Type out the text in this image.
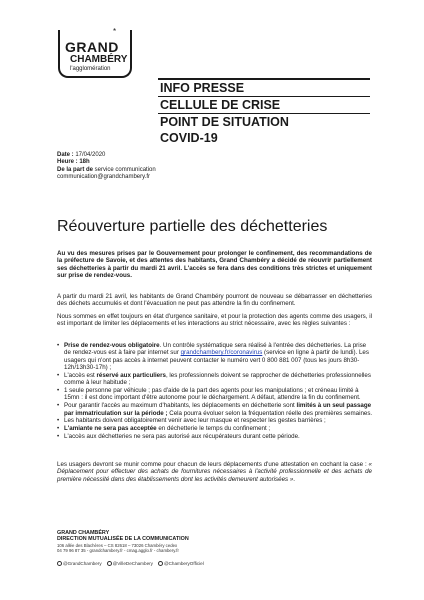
*
GRAND
CHAMBÉRY
l'agglomération
INFO PRESSE
CELLULE DE CRISE
POINT DE SITUATION
COVID-19
Date : 17/04/2020
Heure : 18h
De la part de service communication
communication@grandchambery.fr
Réouverture partielle des déchetteries

Au vu des mesures prises par le Gouvernement pour prolonger le confinement, des recommandations de la préfecture de Savoie, et des attentes des habitants, Grand Chambéry a décidé de réouvrir partiellement ses déchetteries à partir du mardi 21 avril. L'accès se fera dans des conditions très strictes et uniquement sur prise de rendez-vous.

A partir du mardi 21 avril, les habitants de Grand Chambéry pourront de nouveau se débarrasser en déchetteries des déchets accumulés et dont l'évacuation ne peut pas attendre la fin du confinement.

Nous sommes en effet toujours en état d'urgence sanitaire, et pour la protection des agents comme des usagers, il est important de limiter les déplacements et les interactions au strict nécessaire, avec les règles suivantes :

• Prise de rendez-vous obligatoire. Un contrôle systématique sera réalisé à l'entrée des déchetteries. La prise de rendez-vous est à faire par internet sur grandchambery.fr/coronavirus (service en ligne à partir de lundi). Les usagers qui n'ont pas accès à internet peuvent contacter le numéro vert 0 800 881 007 (tous les jours 8h30-12h/13h30-17h) ;
• L'accès est réservé aux particuliers, les professionnels doivent se rapprocher de déchetteries professionnelles comme à leur habitude ;
• 1 seule personne par véhicule ; pas d'aide de la part des agents pour les manipulations ; et créneau limité à 15mn : il est donc important d'être autonome pour le déchargement. A défaut, attendre la fin du confinement.
• Pour garantir l'accès au maximum d'habitants, les déplacements en déchetterie sont limités à un seul passage par immatriculation sur la période ; Cela pourra évoluer selon la fréquentation réelle des premières semaines.
• Les habitants doivent obligatoirement venir avec leur masque et respecter les gestes barrières ;
• L'amiante ne sera pas acceptée en déchetterie le temps du confinement ;
• L'accès aux déchetteries ne sera pas autorisé aux récupérateurs durant cette période.

Les usagers devront se munir comme pour chacun de leurs déplacements d'une attestation en cochant la case : « Déplacement pour effectuer des achats de fournitures nécessaires à l'activité professionnelle et des achats de première nécessité dans des établissements dont les activités demeurent autorisées ».

GRAND CHAMBÉRY
DIRECTION MUTUALISÉE DE LA COMMUNICATION
106 allée des Blachères – CS 82618 – 73026 Chambéry cedex
04 79 96 87 35 - grandchambery.fr - cmag.agglo.fr - chambery.fr
@GrandChambery	@VilleDeChambery	@ChamberyOfficiel
